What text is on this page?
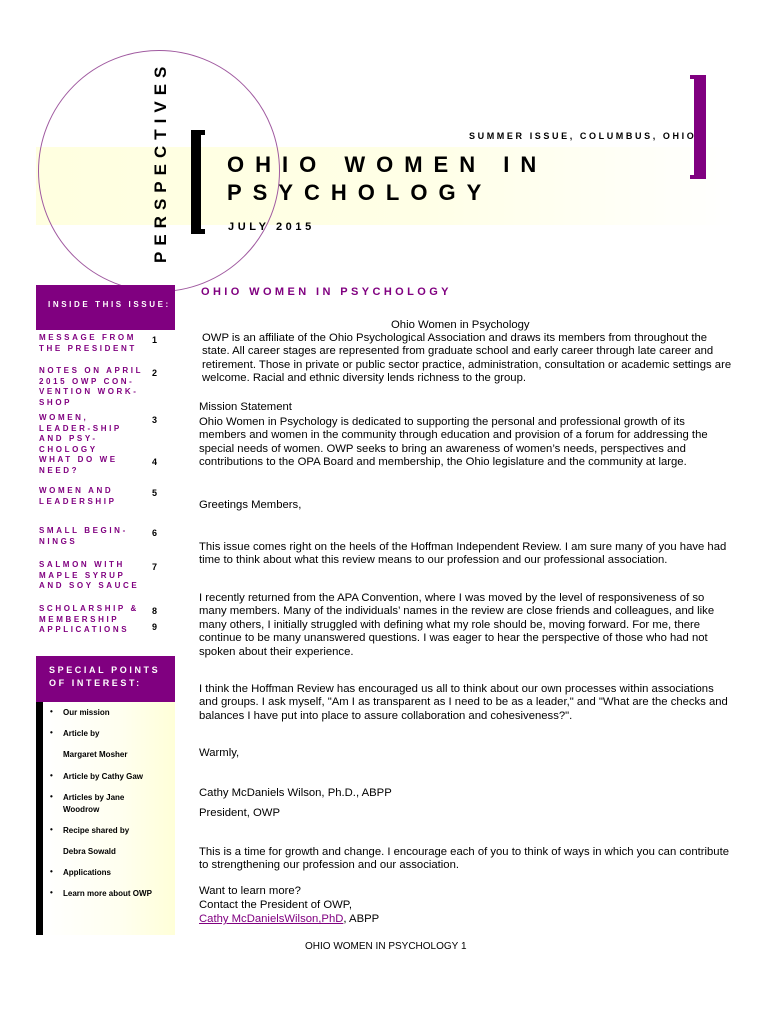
PERSPECTIVES	SUMMER ISSUE, COLUMBUS, OHIO
OHIO WOMEN IN
PSYCHOLOGY
JULY 2015
INSIDE THIS ISSUE:
MESSAGE FROM THE PRESIDENT
1
NOTES ON APRIL 2015 OWP CON-VENTION WORK-SHOP
2
WOMEN, LEADER-SHIP AND PSY-CHOLOGY
3
WHAT DO WE NEED?
4
WOMEN AND LEADERSHIP
5
SMALL BEGIN-NINGS
6
SALMON WITH MAPLE SYRUP AND SOY SAUCE
7
SCHOLARSHIP & MEMBERSHIP APPLICATIONS
8
9
SPECIAL POINTS OF INTEREST:
• Our mission
• Article by
Margaret Mosher
• Article by Cathy Gaw
• Articles by Jane Woodrow
• Recipe shared by
Debra Sowald
• Applications
• Learn more about OWP
OHIO WOMEN IN PSYCHOLOGY
Ohio Women in Psychology
OWP is an affiliate of the Ohio Psychological Association and draws its members from throughout the state. All career stages are represented from graduate school and early career through late career and retirement. Those in private or public sector practice, administration, consultation or academic settings are welcome. Racial and ethnic diversity lends richness to the group.
Mission Statement
Ohio Women in Psychology is dedicated to supporting the personal and professional growth of its members and women in the community through education and provision of a forum for addressing the special needs of women. OWP seeks to bring an awareness of women’s needs, perspectives and contributions to the OPA Board and membership, the Ohio legislature and the community at large.
Greetings Members,
This issue comes right on the heels of the Hoffman Independent Review. I am sure many of you have had time to think about what this review means to our profession and our professional association.
I recently returned from the APA Convention, where I was moved by the level of responsiveness of so many members. Many of the individuals’ names in the review are close friends and colleagues, and like many others, I initially struggled with defining what my role should be, moving forward. For me, there continue to be many unanswered questions. I was eager to hear the perspective of those who had not spoken about their experience.
I think the Hoffman Review has encouraged us all to think about our own processes within associations and groups. I ask myself, "Am I as transparent as I need to be as a leader," and "What are the checks and balances I have put into place to assure collaboration and cohesiveness?".
Warmly,
Cathy McDaniels Wilson, Ph.D., ABPP
President, OWP
This is a time for growth and change. I encourage each of you to think of ways in which you can contribute to strengthening our profession and our association.
Want to learn more?
Contact the President of OWP,
Cathy McDanielsWilson,PhD, ABPP
OHIO WOMEN IN PSYCHOLOGY 1
